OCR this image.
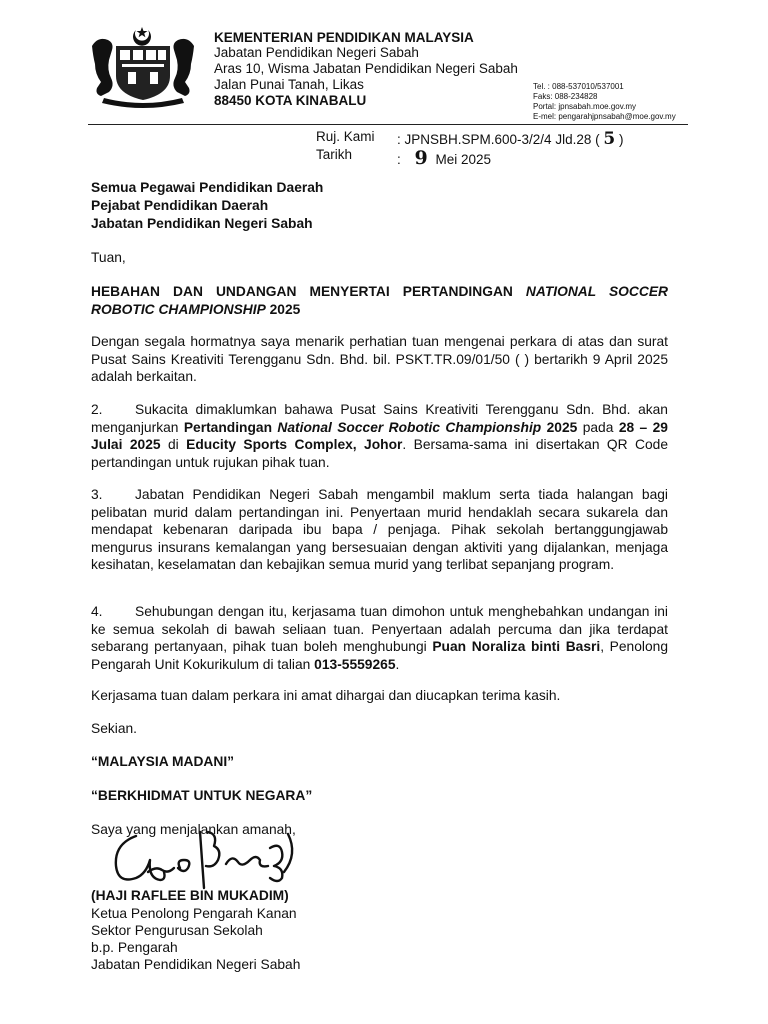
KEMENTERIAN PENDIDIKAN MALAYSIA
Jabatan Pendidikan Negeri Sabah
Aras 10, Wisma Jabatan Pendidikan Negeri Sabah
Jalan Punai Tanah, Likas
88450 KOTA KINABALU
Tel. : 088-537010/537001
Faks: 088-234828
Portal: jpnsabah.moe.gov.my
E-mel: pengarahjpnsabah@moe.gov.my
Ruj. Kami : JPNSBH.SPM.600-3/2/4 Jld.28 ( 5 )
Tarikh	: 9 Mei 2025
Semua Pegawai Pendidikan Daerah
Pejabat Pendidikan Daerah
Jabatan Pendidikan Negeri Sabah
Tuan,
HEBAHAN DAN UNDANGAN MENYERTAI PERTANDINGAN NATIONAL SOCCER ROBOTIC CHAMPIONSHIP 2025
Dengan segala hormatnya saya menarik perhatian tuan mengenai perkara di atas dan surat Pusat Sains Kreativiti Terengganu Sdn. Bhd. bil. PSKT.TR.09/01/50 ( ) bertarikh 9 April 2025 adalah berkaitan.
2. Sukacita dimaklumkan bahawa Pusat Sains Kreativiti Terengganu Sdn. Bhd. akan menganjurkan Pertandingan National Soccer Robotic Championship 2025 pada 28 – 29 Julai 2025 di Educity Sports Complex, Johor. Bersama-sama ini disertakan QR Code pertandingan untuk rujukan pihak tuan.
3. Jabatan Pendidikan Negeri Sabah mengambil maklum serta tiada halangan bagi pelibatan murid dalam pertandingan ini. Penyertaan murid hendaklah secara sukarela dan mendapat kebenaran daripada ibu bapa / penjaga. Pihak sekolah bertanggungjawab mengurus insurans kemalangan yang bersesuaian dengan aktiviti yang dijalankan, menjaga kesihatan, keselamatan dan kebajikan semua murid yang terlibat sepanjang program.
4. Sehubungan dengan itu, kerjasama tuan dimohon untuk menghebahkan undangan ini ke semua sekolah di bawah seliaan tuan. Penyertaan adalah percuma dan jika terdapat sebarang pertanyaan, pihak tuan boleh menghubungi Puan Noraliza binti Basri, Penolong Pengarah Unit Kokurikulum di talian 013-5559265.
Kerjasama tuan dalam perkara ini amat dihargai dan diucapkan terima kasih.
Sekian.
“MALAYSIA MADANI”
“BERKHIDMAT UNTUK NEGARA”
Saya yang menjalankan amanah,
(HAJI RAFLEE BIN MUKADIM)
Ketua Penolong Pengarah Kanan
Sektor Pengurusan Sekolah
b.p. Pengarah
Jabatan Pendidikan Negeri Sabah
